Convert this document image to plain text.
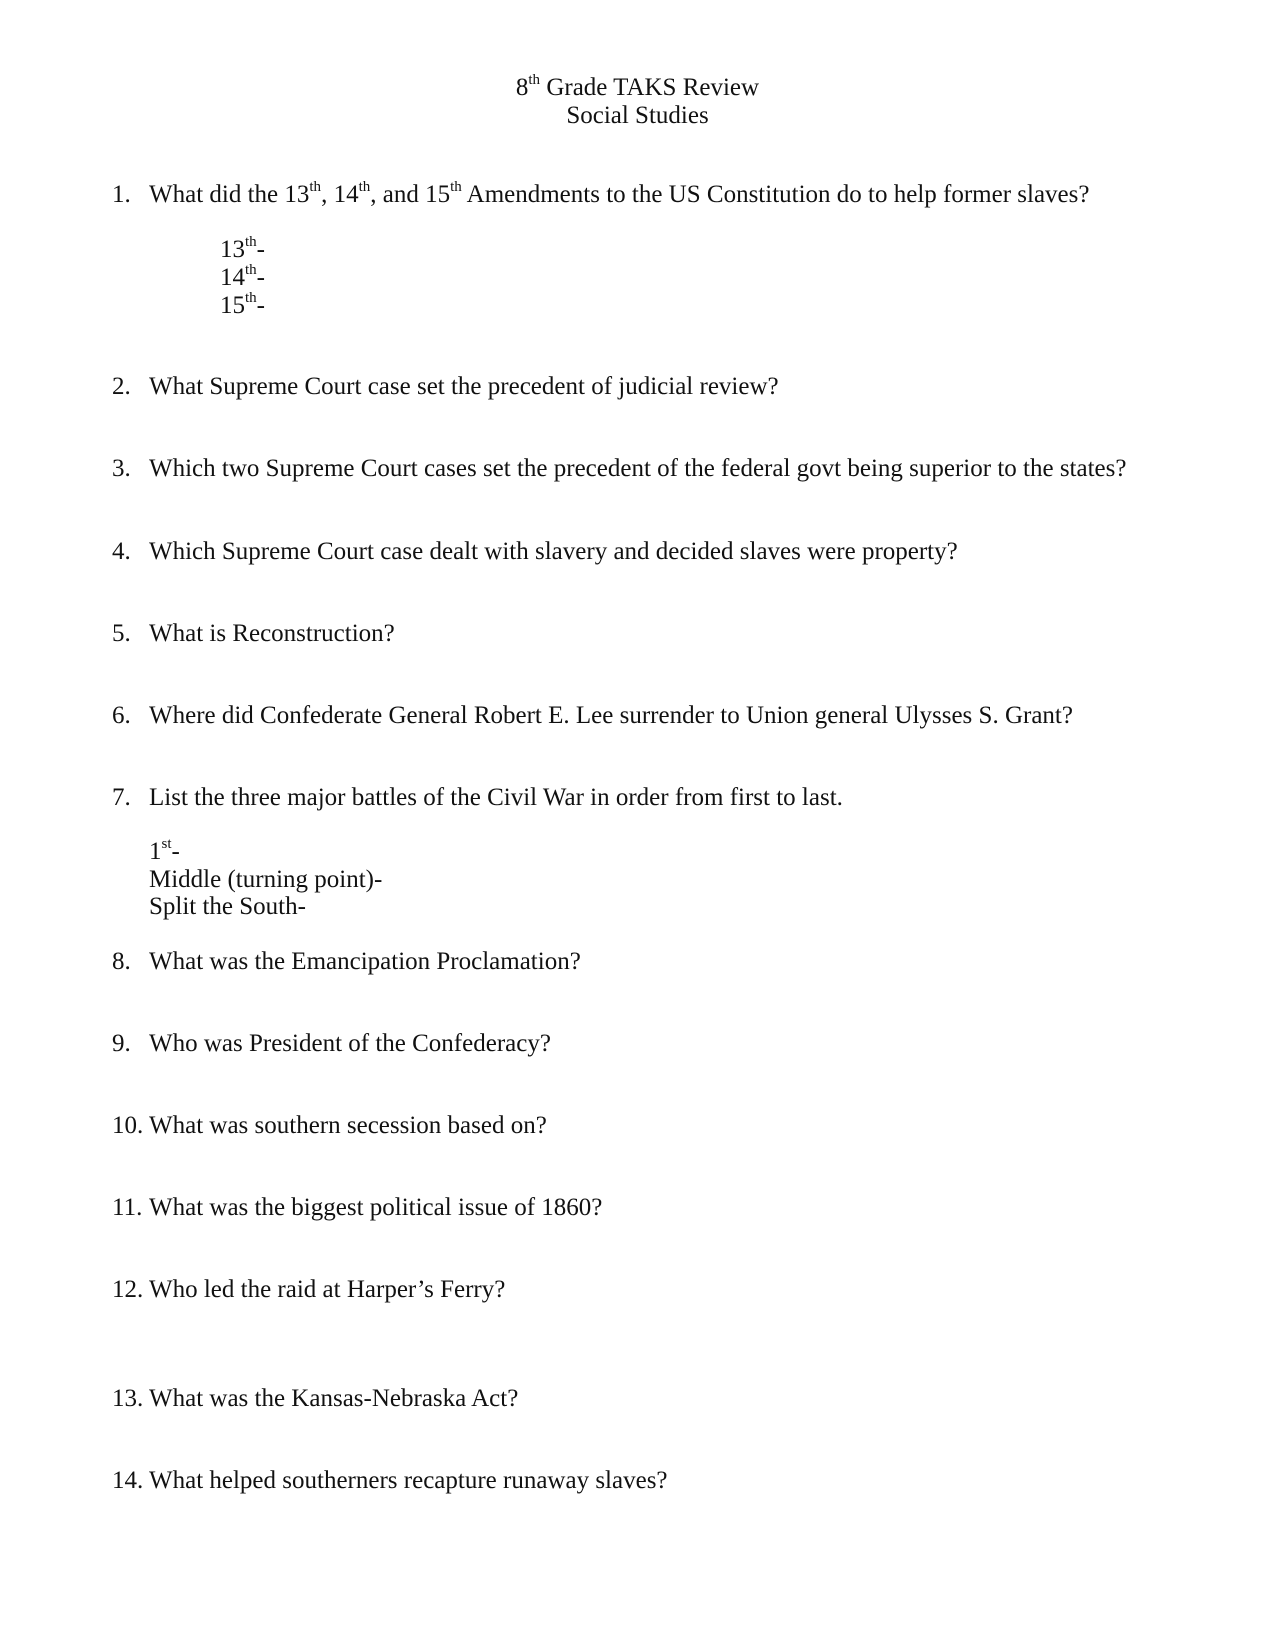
8th Grade TAKS Review
Social Studies
1. What did the 13th, 14th, and 15th Amendments to the US Constitution do to help former slaves?
13th-
14th-
15th-
2. What Supreme Court case set the precedent of judicial review?
3. Which two Supreme Court cases set the precedent of the federal govt being superior to the states?
4. Which Supreme Court case dealt with slavery and decided slaves were property?
5. What is Reconstruction?
6. Where did Confederate General Robert E. Lee surrender to Union general Ulysses S. Grant?
7. List the three major battles of the Civil War in order from first to last.
1st-
Middle (turning point)-
Split the South-
8. What was the Emancipation Proclamation?
9. Who was President of the Confederacy?
10. What was southern secession based on?
11. What was the biggest political issue of 1860?
12. Who led the raid at Harper’s Ferry?
13. What was the Kansas-Nebraska Act?
14. What helped southerners recapture runaway slaves?
